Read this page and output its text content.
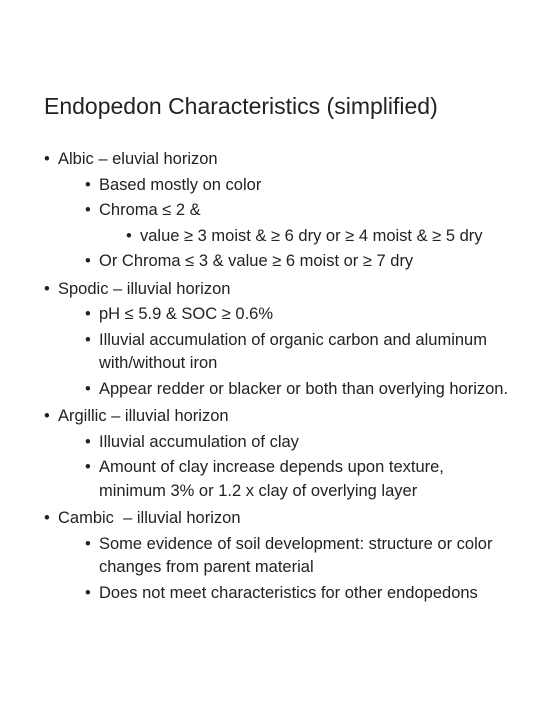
Endopedon Characteristics (simplified)
• Albic – eluvial horizon
• Based mostly on color
• Chroma ≤ 2 &
• value ≥ 3 moist & ≥ 6 dry or ≥ 4 moist & ≥ 5 dry
• Or Chroma ≤ 3 & value ≥ 6 moist or ≥ 7 dry
• Spodic – illuvial horizon
• pH ≤ 5.9 & SOC ≥ 0.6%
• Illuvial accumulation of organic carbon and aluminum with/without iron
• Appear redder or blacker or both than overlying horizon.
• Argillic – illuvial horizon
• Illuvial accumulation of clay
• Amount of clay increase depends upon texture, minimum 3% or 1.2 x clay of overlying layer
• Cambic  – illuvial horizon
• Some evidence of soil development: structure or color changes from parent material
• Does not meet characteristics for other endopedons
